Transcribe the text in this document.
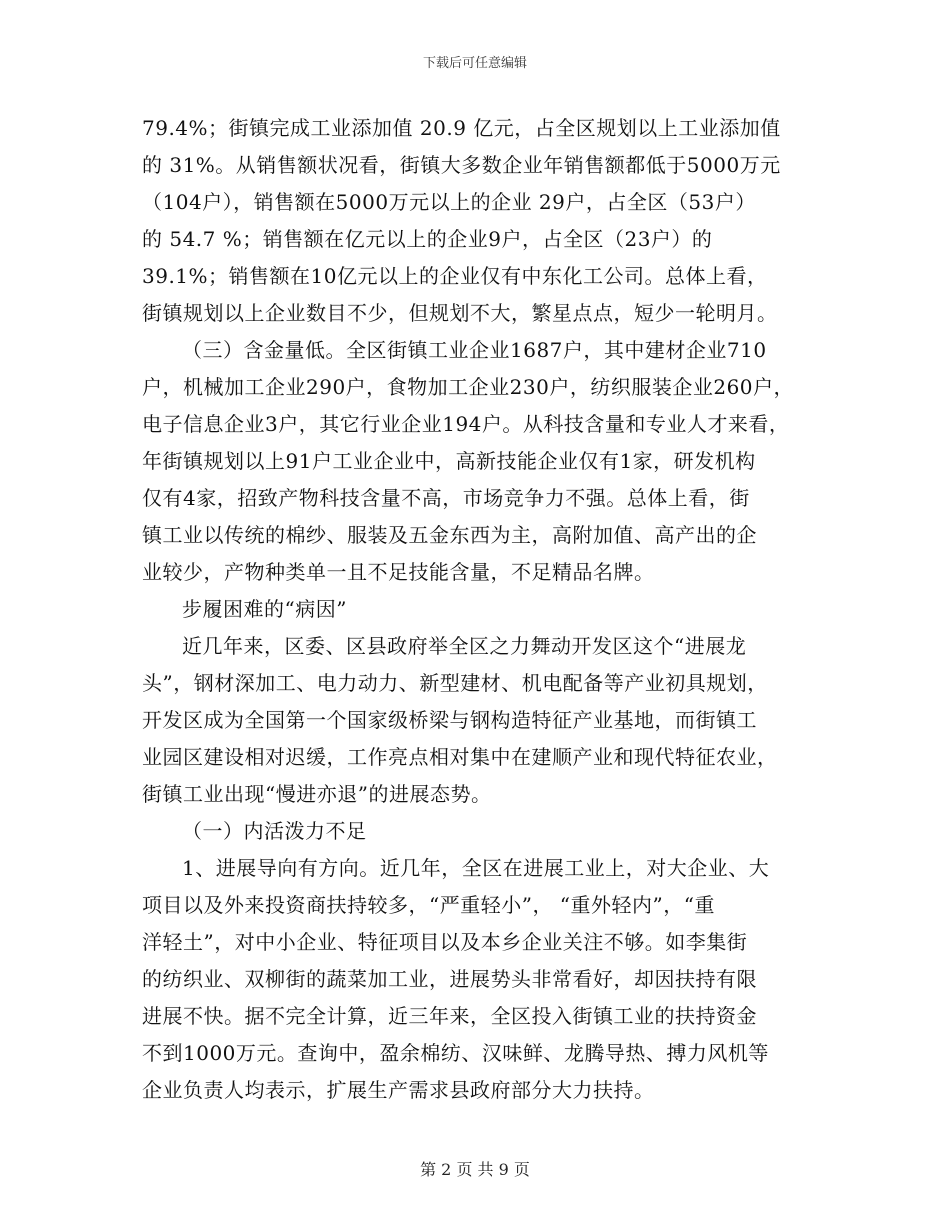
下载后可任意编辑
79.4%；街镇完成工业添加值 20.9 亿元，占全区规划以上工业添加值
的 31%。从销售额状况看，街镇大多数企业年销售额都低于5000万元
（104户），销售额在5000万元以上的企业 29户，占全区（53户）
的 54.7 %；销售额在亿元以上的企业9户，占全区（23户）的
39.1%；销售额在10亿元以上的企业仅有中东化工公司。总体上看，
街镇规划以上企业数目不少，但规划不大，繁星点点，短少一轮明月。
（三）含金量低。全区街镇工业企业1687户，其中建材企业710
户，机械加工企业290户，食物加工企业230户，纺织服装企业260户，
电子信息企业3户，其它行业企业194户。从科技含量和专业人才来看，
年街镇规划以上91户工业企业中，高新技能企业仅有1家，研发机构
仅有4家，招致产物科技含量不高，市场竞争力不强。总体上看，街
镇工业以传统的棉纱、服装及五金东西为主，高附加值、高产出的企
业较少，产物种类单一且不足技能含量，不足精品名牌。
步履困难的“病因”
近几年来，区委、区县政府举全区之力舞动开发区这个“进展龙
头”，钢材深加工、电力动力、新型建材、机电配备等产业初具规划，
开发区成为全国第一个国家级桥梁与钢构造特征产业基地，而街镇工
业园区建设相对迟缓，工作亮点相对集中在建顺产业和现代特征农业，
街镇工业出现“慢进亦退”的进展态势。
（一）内活泼力不足
1、进展导向有方向。近几年，全区在进展工业上，对大企业、大
项目以及外来投资商扶持较多，“严重轻小”， “重外轻内”，“重
洋轻土”，对中小企业、特征项目以及本乡企业关注不够。如李集街
的纺织业、双柳街的蔬菜加工业，进展势头非常看好，却因扶持有限
进展不快。据不完全计算，近三年来，全区投入街镇工业的扶持资金
不到1000万元。查询中，盈余棉纺、汉味鲜、龙腾导热、搏力风机等
企业负责人均表示，扩展生产需求县政府部分大力扶持。
第 2 页 共 9 页
